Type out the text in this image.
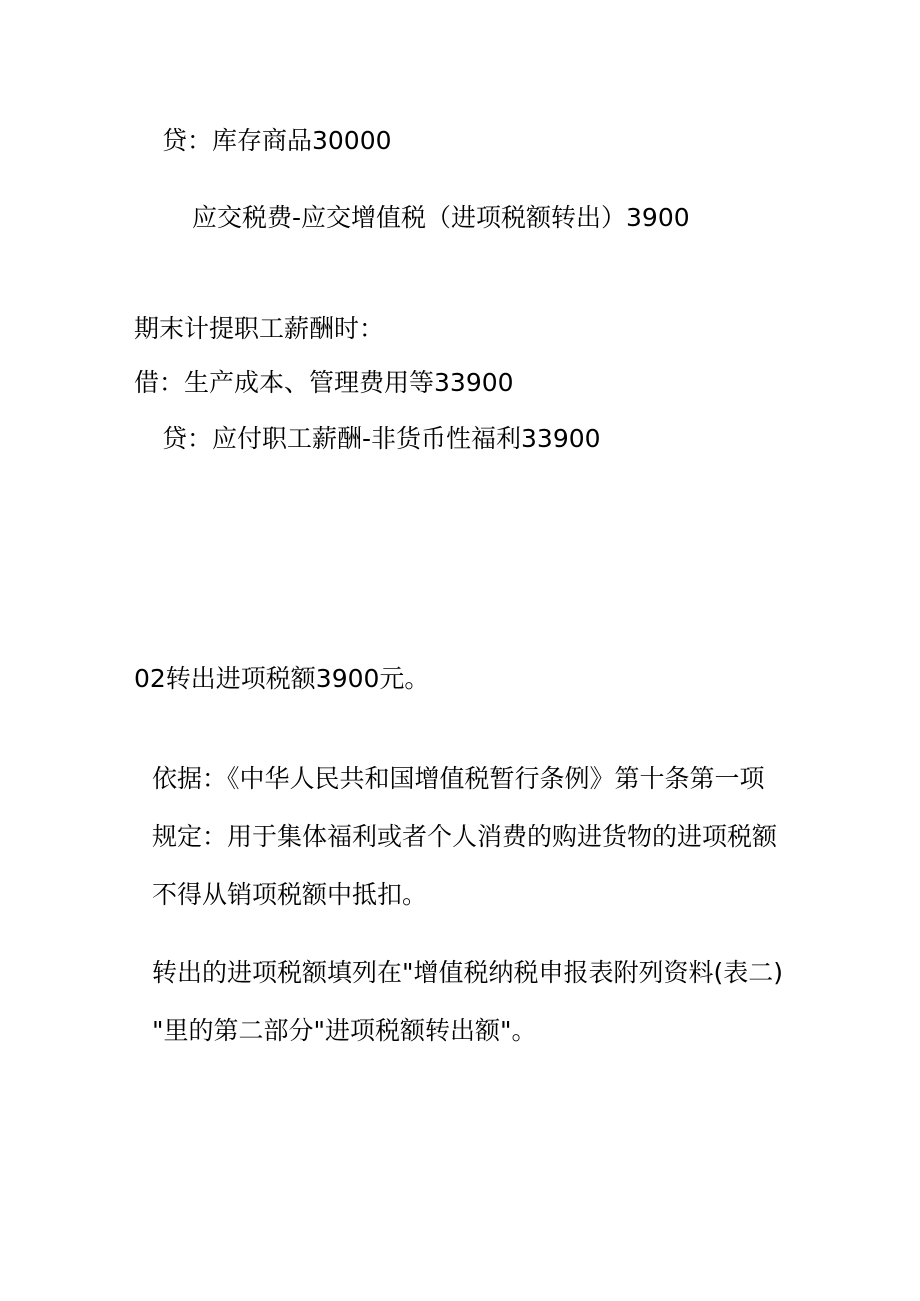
贷：库存商品30000
应交税费-应交增值税（进项税额转出）3900
期末计提职工薪酬时：
借：生产成本、管理费用等33900
贷：应付职工薪酬-非货币性福利33900
02转出进项税额3900元。
依据：《中华人民共和国增值税暂行条例》第十条第一项
规定：用于集体福利或者个人消费的购进货物的进项税额
不得从销项税额中抵扣。
转出的进项税额填列在"增值税纳税申报表附列资料(表二)
"里的第二部分"进项税额转出额"。
